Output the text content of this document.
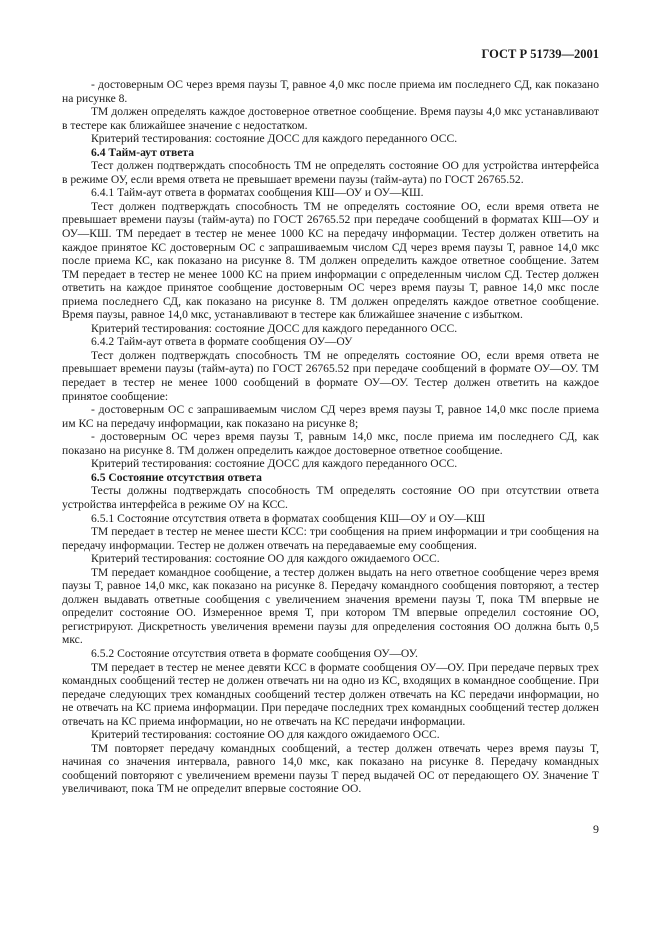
ГОСТ Р 51739—2001

- достоверным ОС через время паузы Т, равное 4,0 мкс после приема им последнего СД, как показано на рисунке 8.

ТМ должен определять каждое достоверное ответное сообщение. Время паузы 4,0 мкс устанавливают в тестере как ближайшее значение с недостатком.

Критерий тестирования: состояние ДОСС для каждого переданного ОСС.

6.4 Тайм-аут ответа

Тест должен подтверждать способность ТМ не определять состояние ОО для устройства интерфейса в режиме ОУ, если время ответа не превышает времени паузы (тайм-аута) по ГОСТ 26765.52.

6.4.1 Тайм-аут ответа в форматах сообщения КШ—ОУ и ОУ—КШ.

Тест должен подтверждать способность ТМ не определять состояние ОО, если время ответа не превышает времени паузы (тайм-аута) по ГОСТ 26765.52 при передаче сообщений в форматах КШ—ОУ и ОУ—КШ. ТМ передает в тестер не менее 1000 КС на передачу информации. Тестер должен ответить на каждое принятое КС достоверным ОС с запрашиваемым числом СД через время паузы Т, равное 14,0 мкс после приема КС, как показано на рисунке 8. ТМ должен определить каждое ответное сообщение. Затем ТМ передает в тестер не менее 1000 КС на прием информации с определенным числом СД. Тестер должен ответить на каждое принятое сообщение достоверным ОС через время паузы Т, равное 14,0 мкс после приема последнего СД, как показано на рисунке 8. ТМ должен определять каждое ответное сообщение. Время паузы, равное 14,0 мкс, устанавливают в тестере как ближайшее значение с избытком.

Критерий тестирования: состояние ДОСС для каждого переданного ОСС.

6.4.2 Тайм-аут ответа в формате сообщения ОУ—ОУ

Тест должен подтверждать способность ТМ не определять состояние ОО, если время ответа не превышает времени паузы (тайм-аута) по ГОСТ 26765.52 при передаче сообщений в формате ОУ—ОУ. ТМ передает в тестер не менее 1000 сообщений в формате ОУ—ОУ. Тестер должен ответить на каждое принятое сообщение:

- достоверным ОС с запрашиваемым числом СД через время паузы Т, равное 14,0 мкс после приема им КС на передачу информации, как показано на рисунке 8;

- достоверным ОС через время паузы Т, равным 14,0 мкс, после приема им последнего СД, как показано на рисунке 8. ТМ должен определить каждое достоверное ответное сообщение.

Критерий тестирования: состояние ДОСС для каждого переданного ОСС.

6.5 Состояние отсутствия ответа

Тесты должны подтверждать способность ТМ определять состояние ОО при отсутствии ответа устройства интерфейса в режиме ОУ на КСС.

6.5.1 Состояние отсутствия ответа в форматах сообщения КШ—ОУ и ОУ—КШ

ТМ передает в тестер не менее шести КСС: три сообщения на прием информации и три сообщения на передачу информации. Тестер не должен отвечать на передаваемые ему сообщения.

Критерий тестирования: состояние ОО для каждого ожидаемого ОСС.

ТМ передает командное сообщение, а тестер должен выдать на него ответное сообщение через время паузы Т, равное 14,0 мкс, как показано на рисунке 8. Передачу командного сообщения повторяют, а тестер должен выдавать ответные сообщения с увеличением значения времени паузы Т, пока ТМ впервые не определит состояние ОО. Измеренное время Т, при котором ТМ впервые определил состояние ОО, регистрируют. Дискретность увеличения времени паузы для определения состояния ОО должна быть 0,5 мкс.

6.5.2 Состояние отсутствия ответа в формате сообщения ОУ—ОУ.

ТМ передает в тестер не менее девяти КСС в формате сообщения ОУ—ОУ. При передаче первых трех командных сообщений тестер не должен отвечать ни на одно из КС, входящих в командное сообщение. При передаче следующих трех командных сообщений тестер должен отвечать на КС передачи информации, но не отвечать на КС приема информации. При передаче последних трех командных сообщений тестер должен отвечать на КС приема информации, но не отвечать на КС передачи информации.

Критерий тестирования: состояние ОО для каждого ожидаемого ОСС.

ТМ повторяет передачу командных сообщений, а тестер должен отвечать через время паузы Т, начиная со значения интервала, равного 14,0 мкс, как показано на рисунке 8. Передачу командных сообщений повторяют с увеличением времени паузы Т перед выдачей ОС от передающего ОУ. Значение Т увеличивают, пока ТМ не определит впервые состояние ОО.

9
